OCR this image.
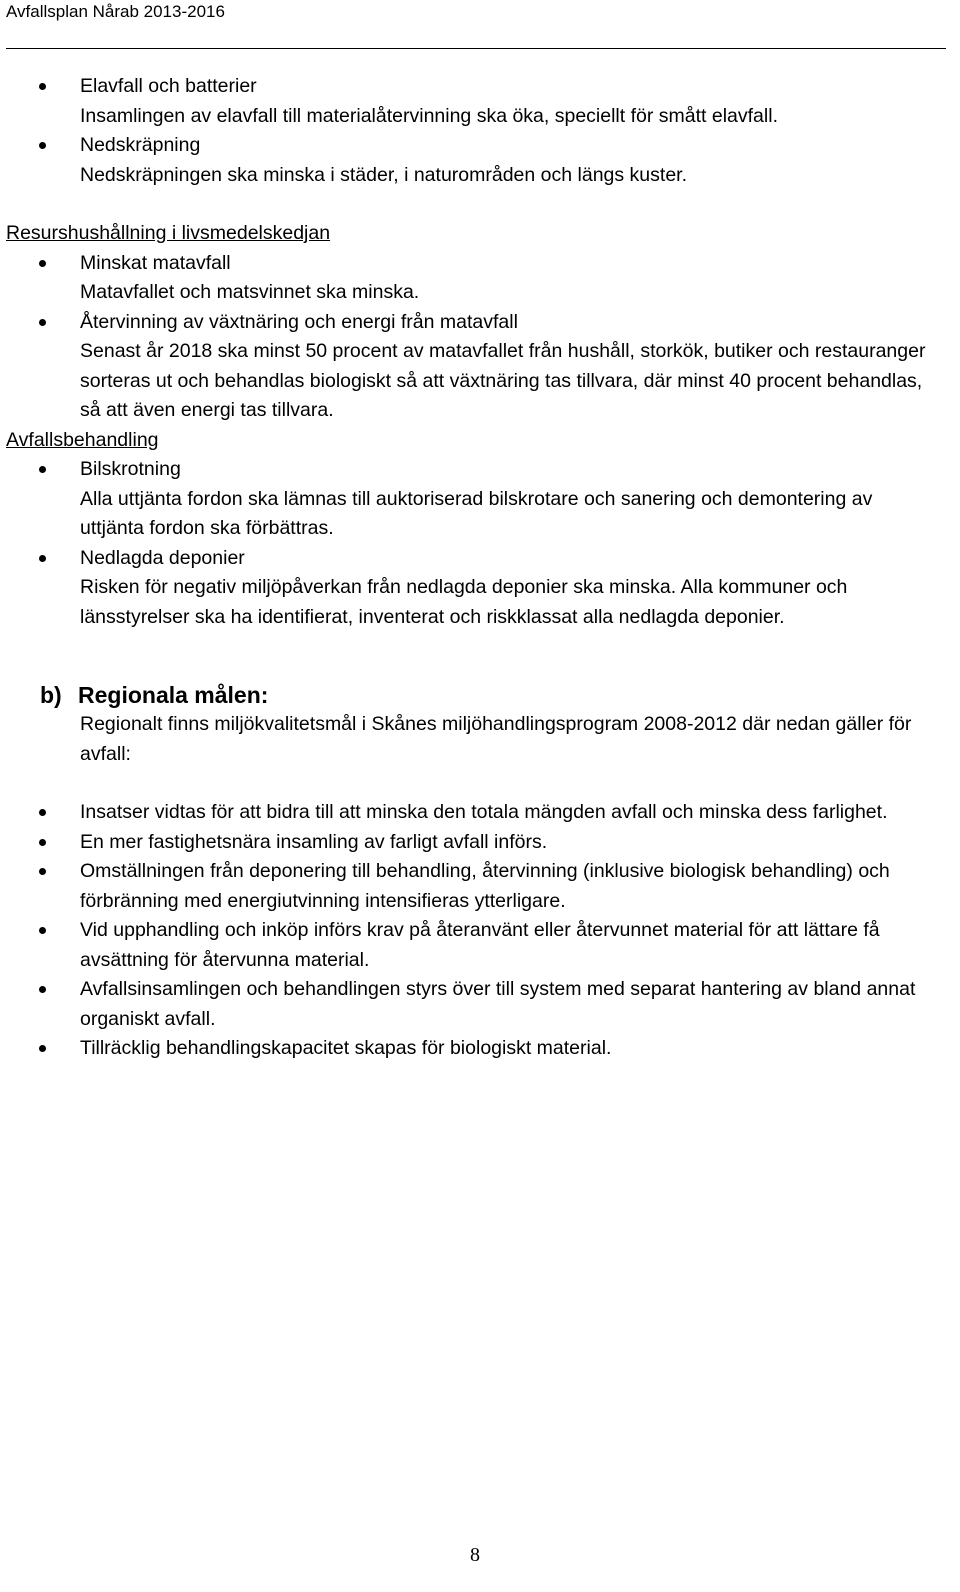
Avfallsplan Nårab 2013-2016
Elavfall och batterier
Insamlingen av elavfall till materialåtervinning ska öka, speciellt för smått elavfall.
Nedskräpning
Nedskräpningen ska minska i städer, i naturområden och längs kuster.
Resurshushållning i livsmedelskedjan
Minskat matavfall
Matavfallet och matsvinnet ska minska.
Återvinning av växtnäring och energi från matavfall
Senast år 2018 ska minst 50 procent av matavfallet från hushåll, storkök, butiker och restauranger sorteras ut och behandlas biologiskt så att växtnäring tas tillvara, där minst 40 procent behandlas, så att även energi tas tillvara.
Avfallsbehandling
Bilskrotning
Alla uttjänta fordon ska lämnas till auktoriserad bilskrotare och sanering och demontering av uttjänta fordon ska förbättras.
Nedlagda deponier
Risken för negativ miljöpåverkan från nedlagda deponier ska minska. Alla kommuner och länsstyrelser ska ha identifierat, inventerat och riskklassat alla nedlagda deponier.
b) Regionala målen:
Regionalt finns miljökvalitetsmål i Skånes miljöhandlingsprogram 2008-2012 där nedan gäller för avfall:
Insatser vidtas för att bidra till att minska den totala mängden avfall och minska dess farlighet.
En mer fastighetsnära insamling av farligt avfall införs.
Omställningen från deponering till behandling, återvinning (inklusive biologisk behandling) och förbränning med energiutvinning intensifieras ytterligare.
Vid upphandling och inköp införs krav på återanvänt eller återvunnet material för att lättare få avsättning för återvunna material.
Avfallsinsamlingen och behandlingen styrs över till system med separat hantering av bland annat organiskt avfall.
Tillräcklig behandlingskapacitet skapas för biologiskt material.
8
